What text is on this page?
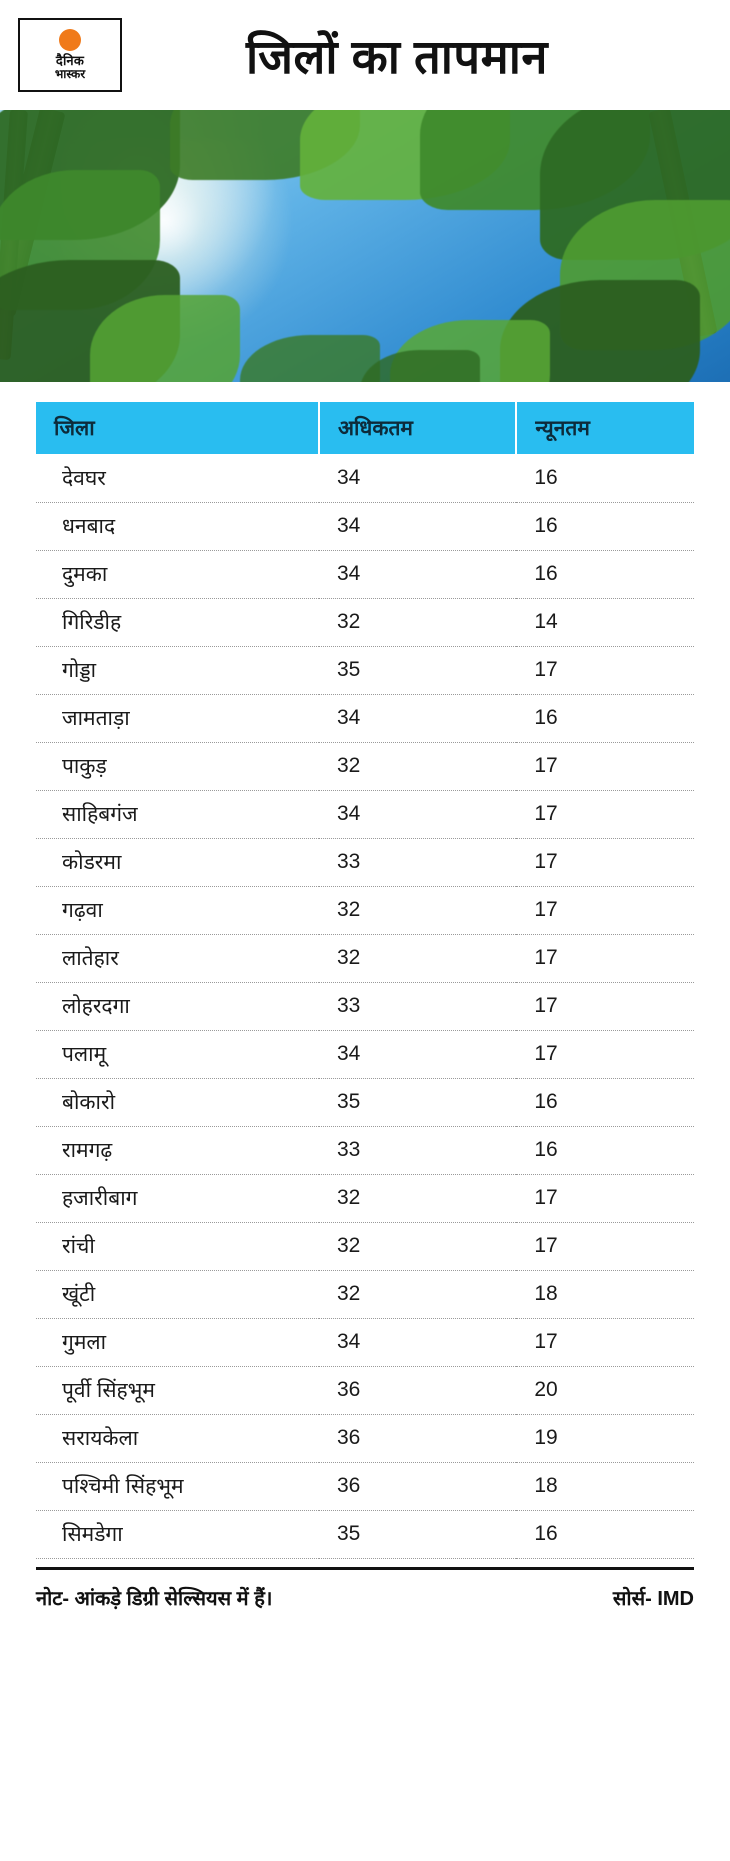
दैनिक
भास्कर	जिलों का तापमान
जिला	अधिकतम	न्यूनतम
देवघर	34	16
धनबाद	34	16
दुमका	34	16
गिरिडीह	32	14
गोड्डा	35	17
जामताड़ा	34	16
पाकुड़	32	17
साहिबगंज	34	17
कोडरमा	33	17
गढ़वा	32	17
लातेहार	32	17
लोहरदगा	33	17
पलामू	34	17
बोकारो	35	16
रामगढ़	33	16
हजारीबाग	32	17
रांची	32	17
खूंटी	32	18
गुमला	34	17
पूर्वी सिंहभूम	36	20
सरायकेला	36	19
पश्चिमी सिंहभूम	36	18
सिमडेगा	35	16
नोट- आंकड़े डिग्री सेल्सियस में हैं।	सोर्स- IMD
